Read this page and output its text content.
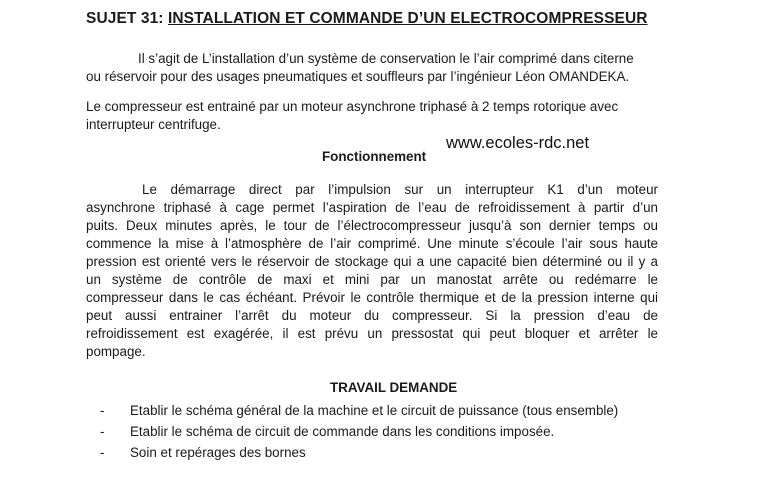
SUJET 31: INSTALLATION ET COMMANDE D’UN ELECTROCOMPRESSEUR
Il s’agit de L’installation d’un système de conservation le l’air comprimé dans citerne
ou réservoir pour des usages pneumatiques et souffleurs par l’ingénieur Léon OMANDEKA.
Le compresseur est entrainé par un moteur asynchrone triphasé à 2 temps rotorique avec
interrupteur centrifuge.
www.ecoles-rdc.net
Fonctionnement
Le démarrage direct par l’impulsion sur un interrupteur K1 d’un moteur
asynchrone triphasé à cage permet l’aspiration de l’eau de refroidissement à partir d’un
puits. Deux minutes après, le tour de l’électrocompresseur jusqu’à son dernier temps ou
commence la mise à l’atmosphère de l’air comprimé. Une minute s’écoule l’air sous haute
pression est orienté vers le réservoir de stockage qui a une capacité bien déterminé ou il y a
un système de contrôle de maxi et mini par un manostat arrête ou redémarre le
compresseur dans le cas échéant. Prévoir le contrôle thermique et de la pression interne qui
peut aussi entrainer l’arrêt du moteur du compresseur. Si la pression d’eau de
refroidissement est exagérée, il est prévu un pressostat qui peut bloquer et arrêter le
pompage.
TRAVAIL DEMANDE
- Etablir le schéma général de la machine et le circuit de puissance (tous ensemble)
- Etablir le schéma de circuit de commande dans les conditions imposée.
- Soin et repérages des bornes
